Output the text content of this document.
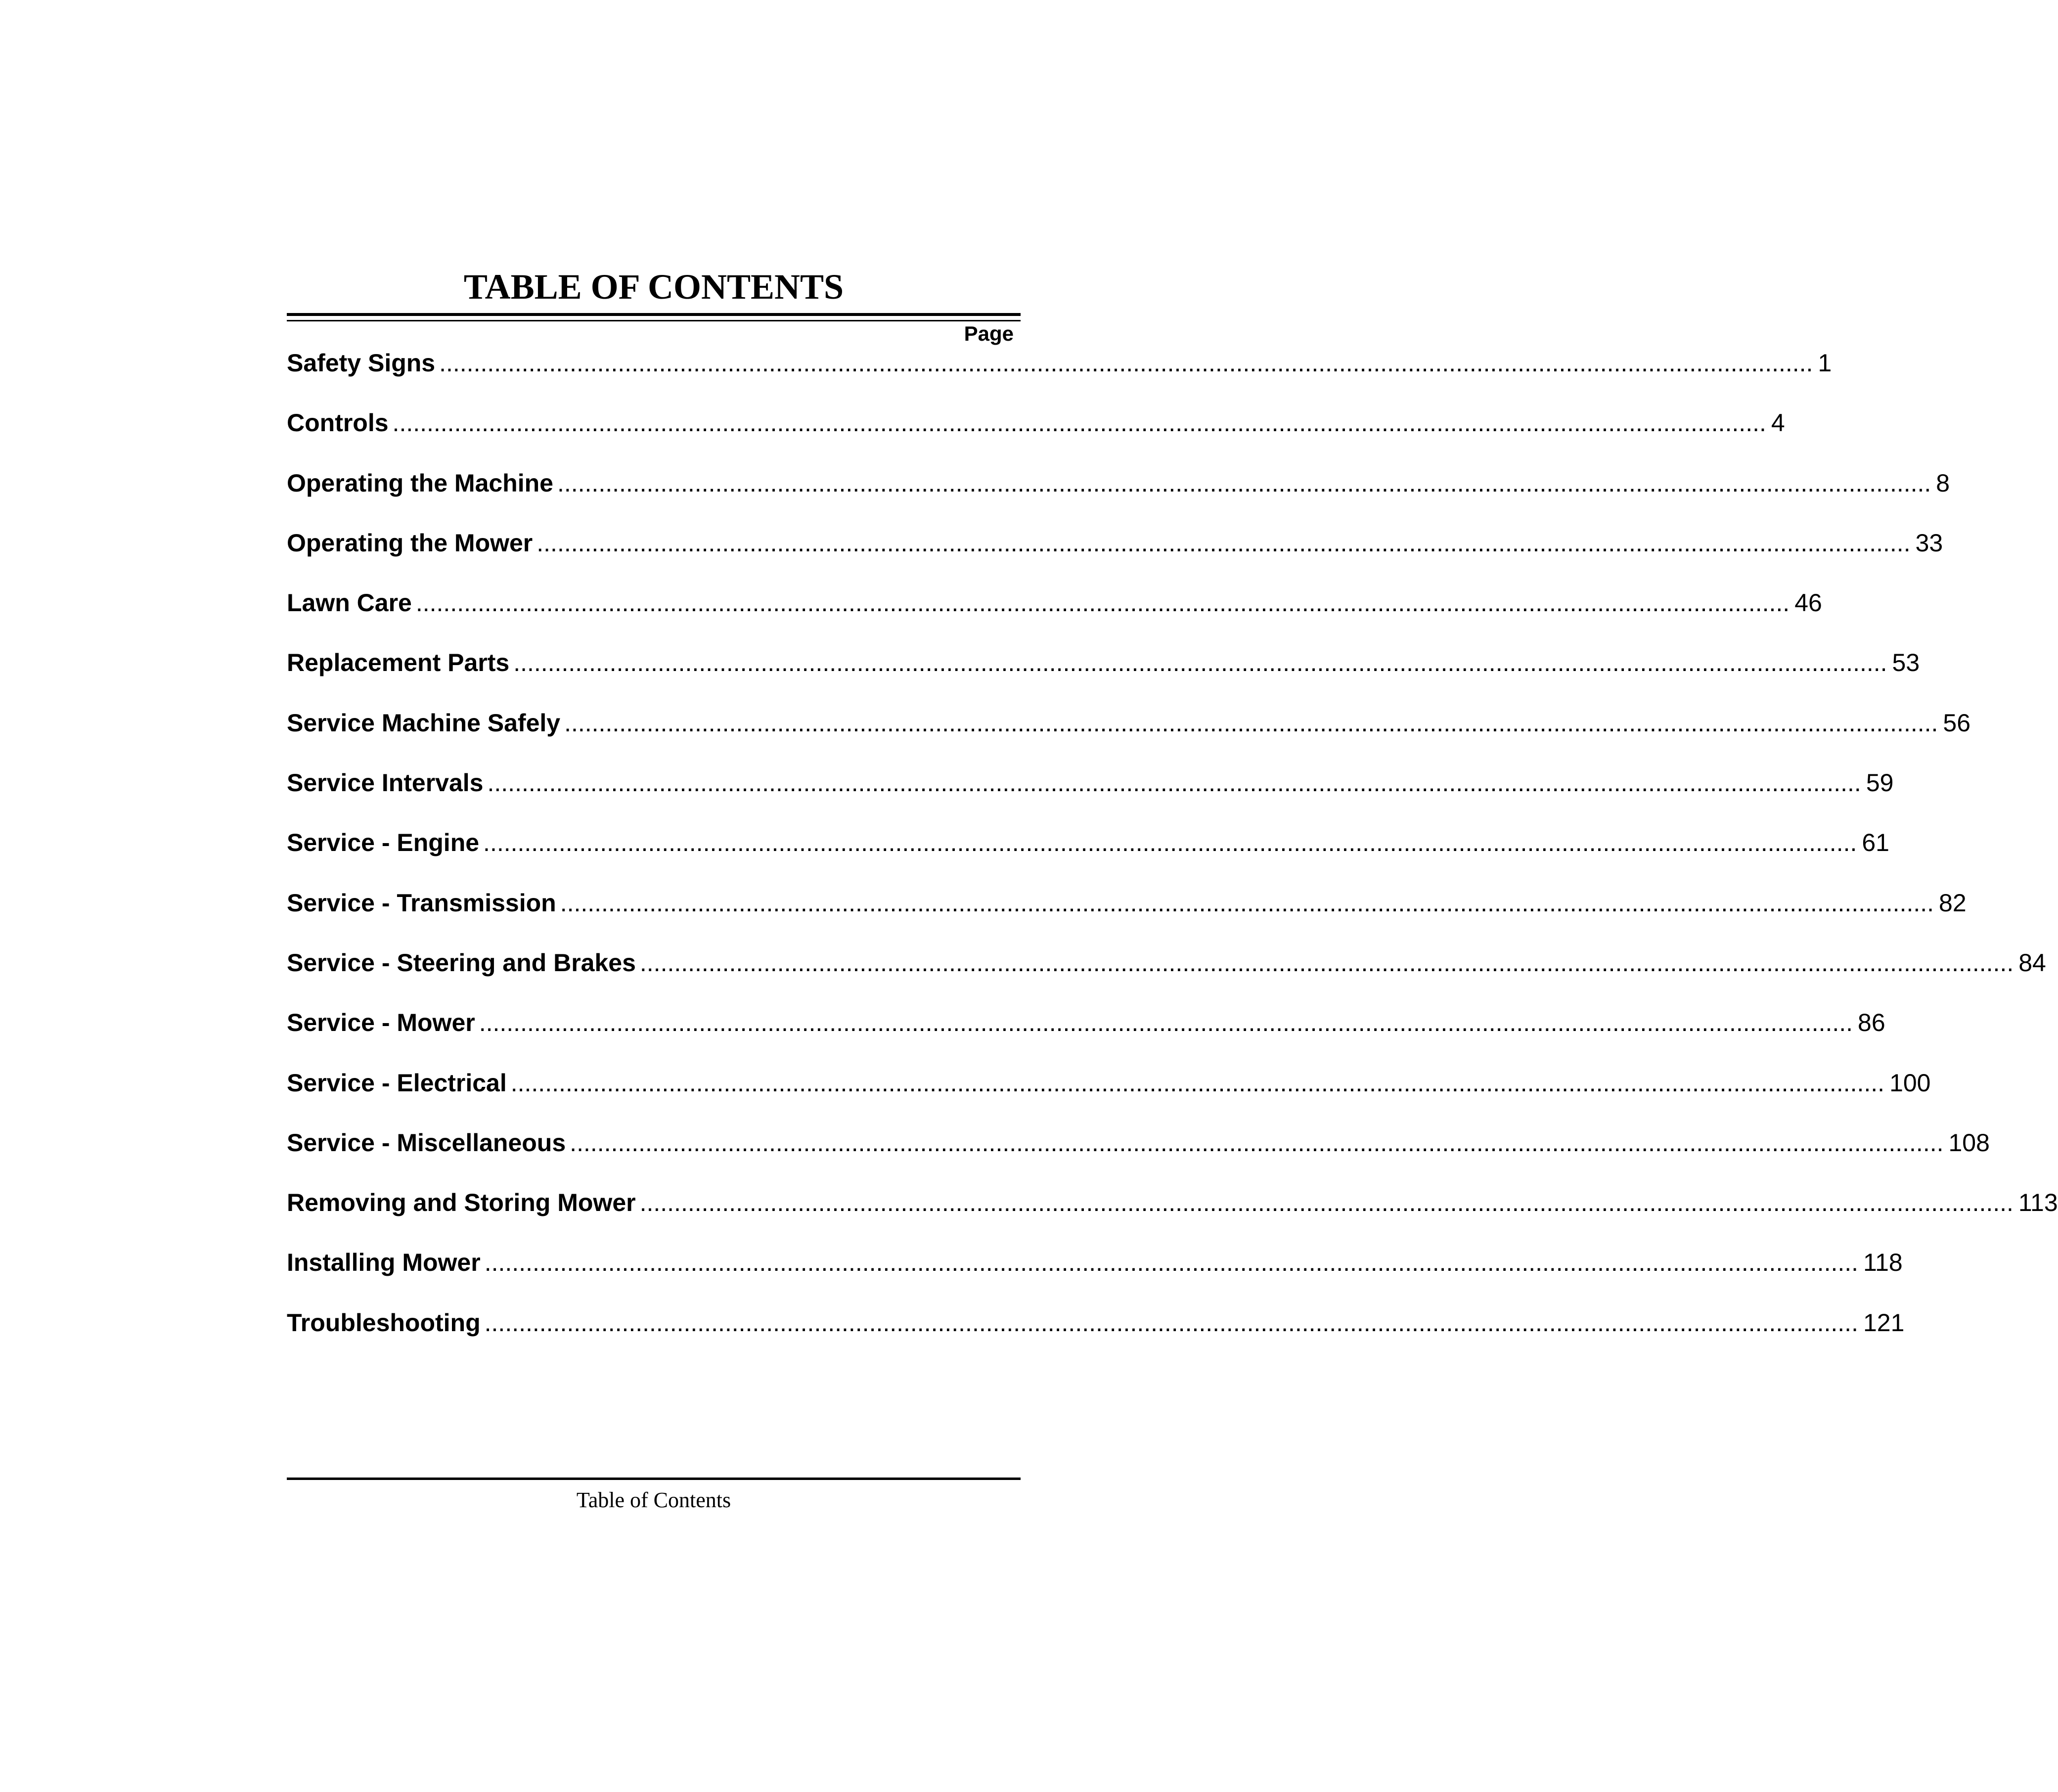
TABLE OF CONTENTS
Page
Safety Signs ........................................................................................................................................................................................................ 1
Controls ........................................................................................................................................................................................................ 4
Operating the Machine ........................................................................................................................................................................................................ 8
Operating the Mower ........................................................................................................................................................................................................ 33
Lawn Care ........................................................................................................................................................................................................ 46
Replacement Parts ........................................................................................................................................................................................................ 53
Service Machine Safely ........................................................................................................................................................................................................ 56
Service Intervals ........................................................................................................................................................................................................ 59
Service - Engine ........................................................................................................................................................................................................ 61
Service - Transmission ........................................................................................................................................................................................................ 82
Service - Steering and Brakes ........................................................................................................................................................................................................ 84
Service - Mower ........................................................................................................................................................................................................ 86
Service - Electrical ........................................................................................................................................................................................................ 100
Service - Miscellaneous ........................................................................................................................................................................................................ 108
Removing and Storing Mower ........................................................................................................................................................................................................ 113
Installing Mower ........................................................................................................................................................................................................ 118
Troubleshooting ........................................................................................................................................................................................................ 121
Table of Contents
